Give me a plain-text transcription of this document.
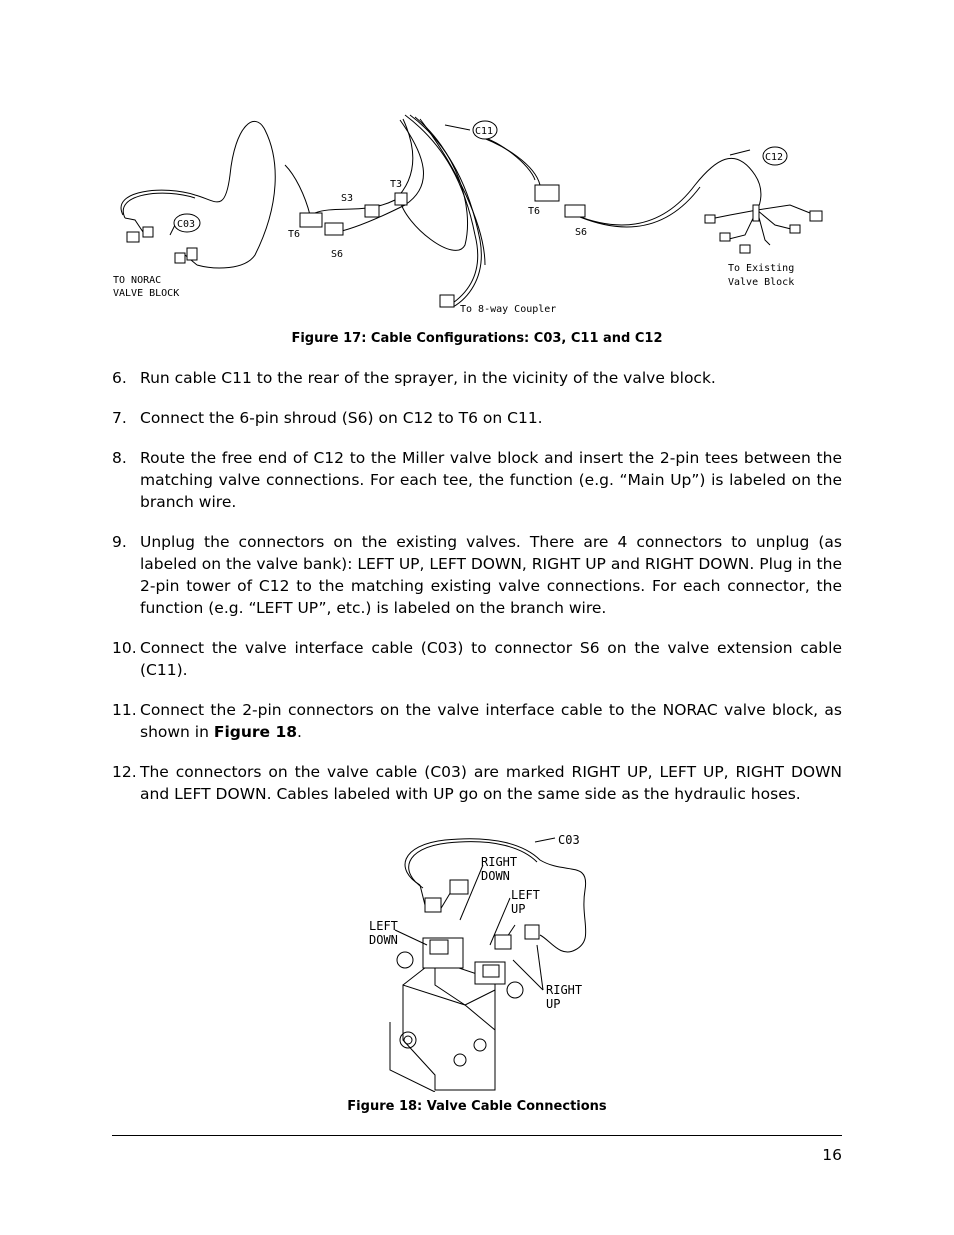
C03
C11
C12
TO NORAC
VALVE BLOCK
S3
T3
T6
S6
T6
S6
To 8-way Coupler
To Existing
Valve Block
Figure 17: Cable Configurations: C03, C11 and C12
6. Run cable C11 to the rear of the sprayer, in the vicinity of the valve block.
7. Connect the 6-pin shroud (S6) on C12 to T6 on C11.
8. Route the free end of C12 to the Miller valve block and insert the 2-pin tees between the matching valve connections. For each tee, the function (e.g. “Main Up”) is labeled on the branch wire.
9. Unplug the connectors on the existing valves. There are 4 connectors to unplug (as labeled on the valve bank): LEFT UP, LEFT DOWN, RIGHT UP and RIGHT DOWN. Plug in the 2-pin tower of C12 to the matching existing valve connections. For each connector, the function (e.g. “LEFT UP”, etc.) is labeled on the branch wire.
10. Connect the valve interface cable (C03) to connector S6 on the valve extension cable (C11).
11. Connect the 2-pin connectors on the valve interface cable to the NORAC valve block, as shown in Figure 18.
12. The connectors on the valve cable (C03) are marked RIGHT UP, LEFT UP, RIGHT DOWN and LEFT DOWN. Cables labeled with UP go on the same side as the hydraulic hoses.
C03
RIGHT
DOWN
LEFT
UP
LEFT
DOWN
RIGHT
UP
Figure 18: Valve Cable Connections
16
